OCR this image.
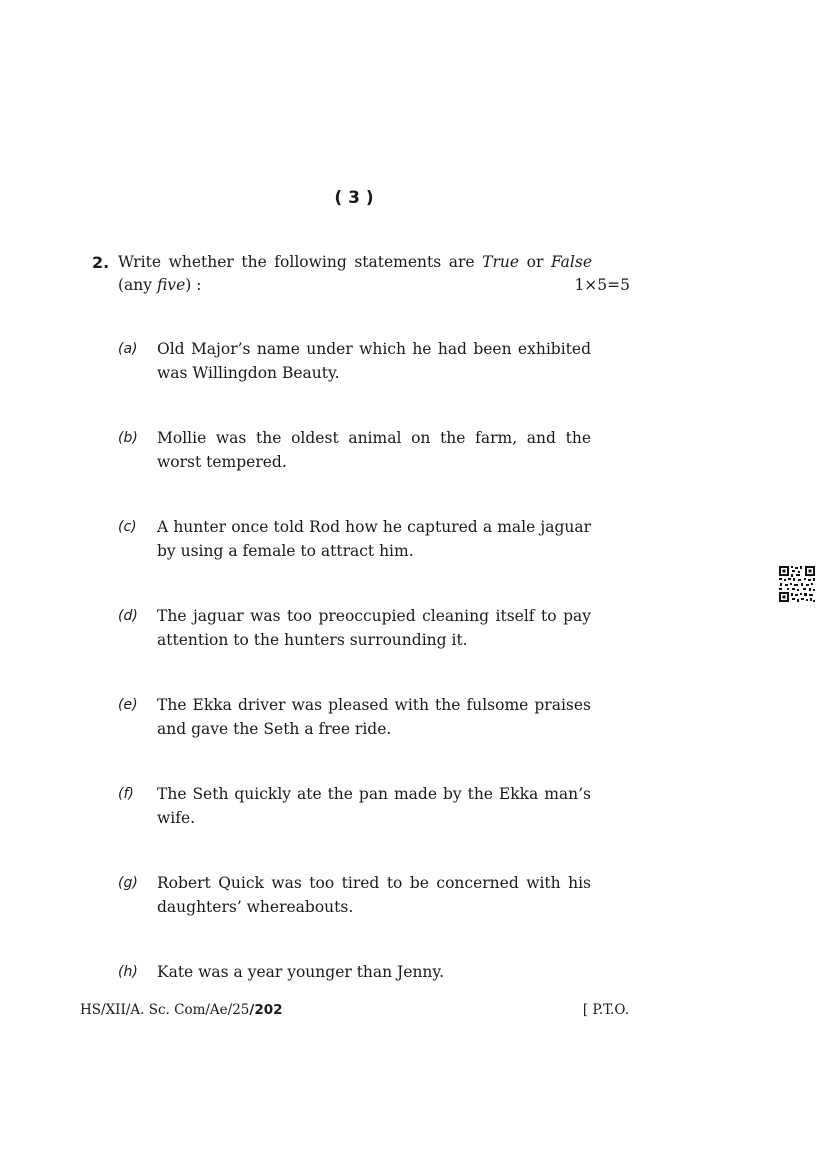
( 3 )
2. Write whether the following statements are True or False
(any five) :	1×5=5
(a)	Old Major’s name under which he had been exhibited was Willingdon Beauty.
(b)	Mollie was the oldest animal on the farm, and the worst tempered.
(c)	A hunter once told Rod how he captured a male jaguar by using a female to attract him.
(d)	The jaguar was too preoccupied cleaning itself to pay attention to the hunters surrounding it.
(e)	The Ekka driver was pleased with the fulsome praises and gave the Seth a free ride.
(f)	The Seth quickly ate the pan made by the Ekka man’s wife.
(g)	Robert Quick was too tired to be concerned with his daughters’ whereabouts.
(h)	Kate was a year younger than Jenny.
HS/XII/A. Sc. Com/Ae/25/202	[ P.T.O.
